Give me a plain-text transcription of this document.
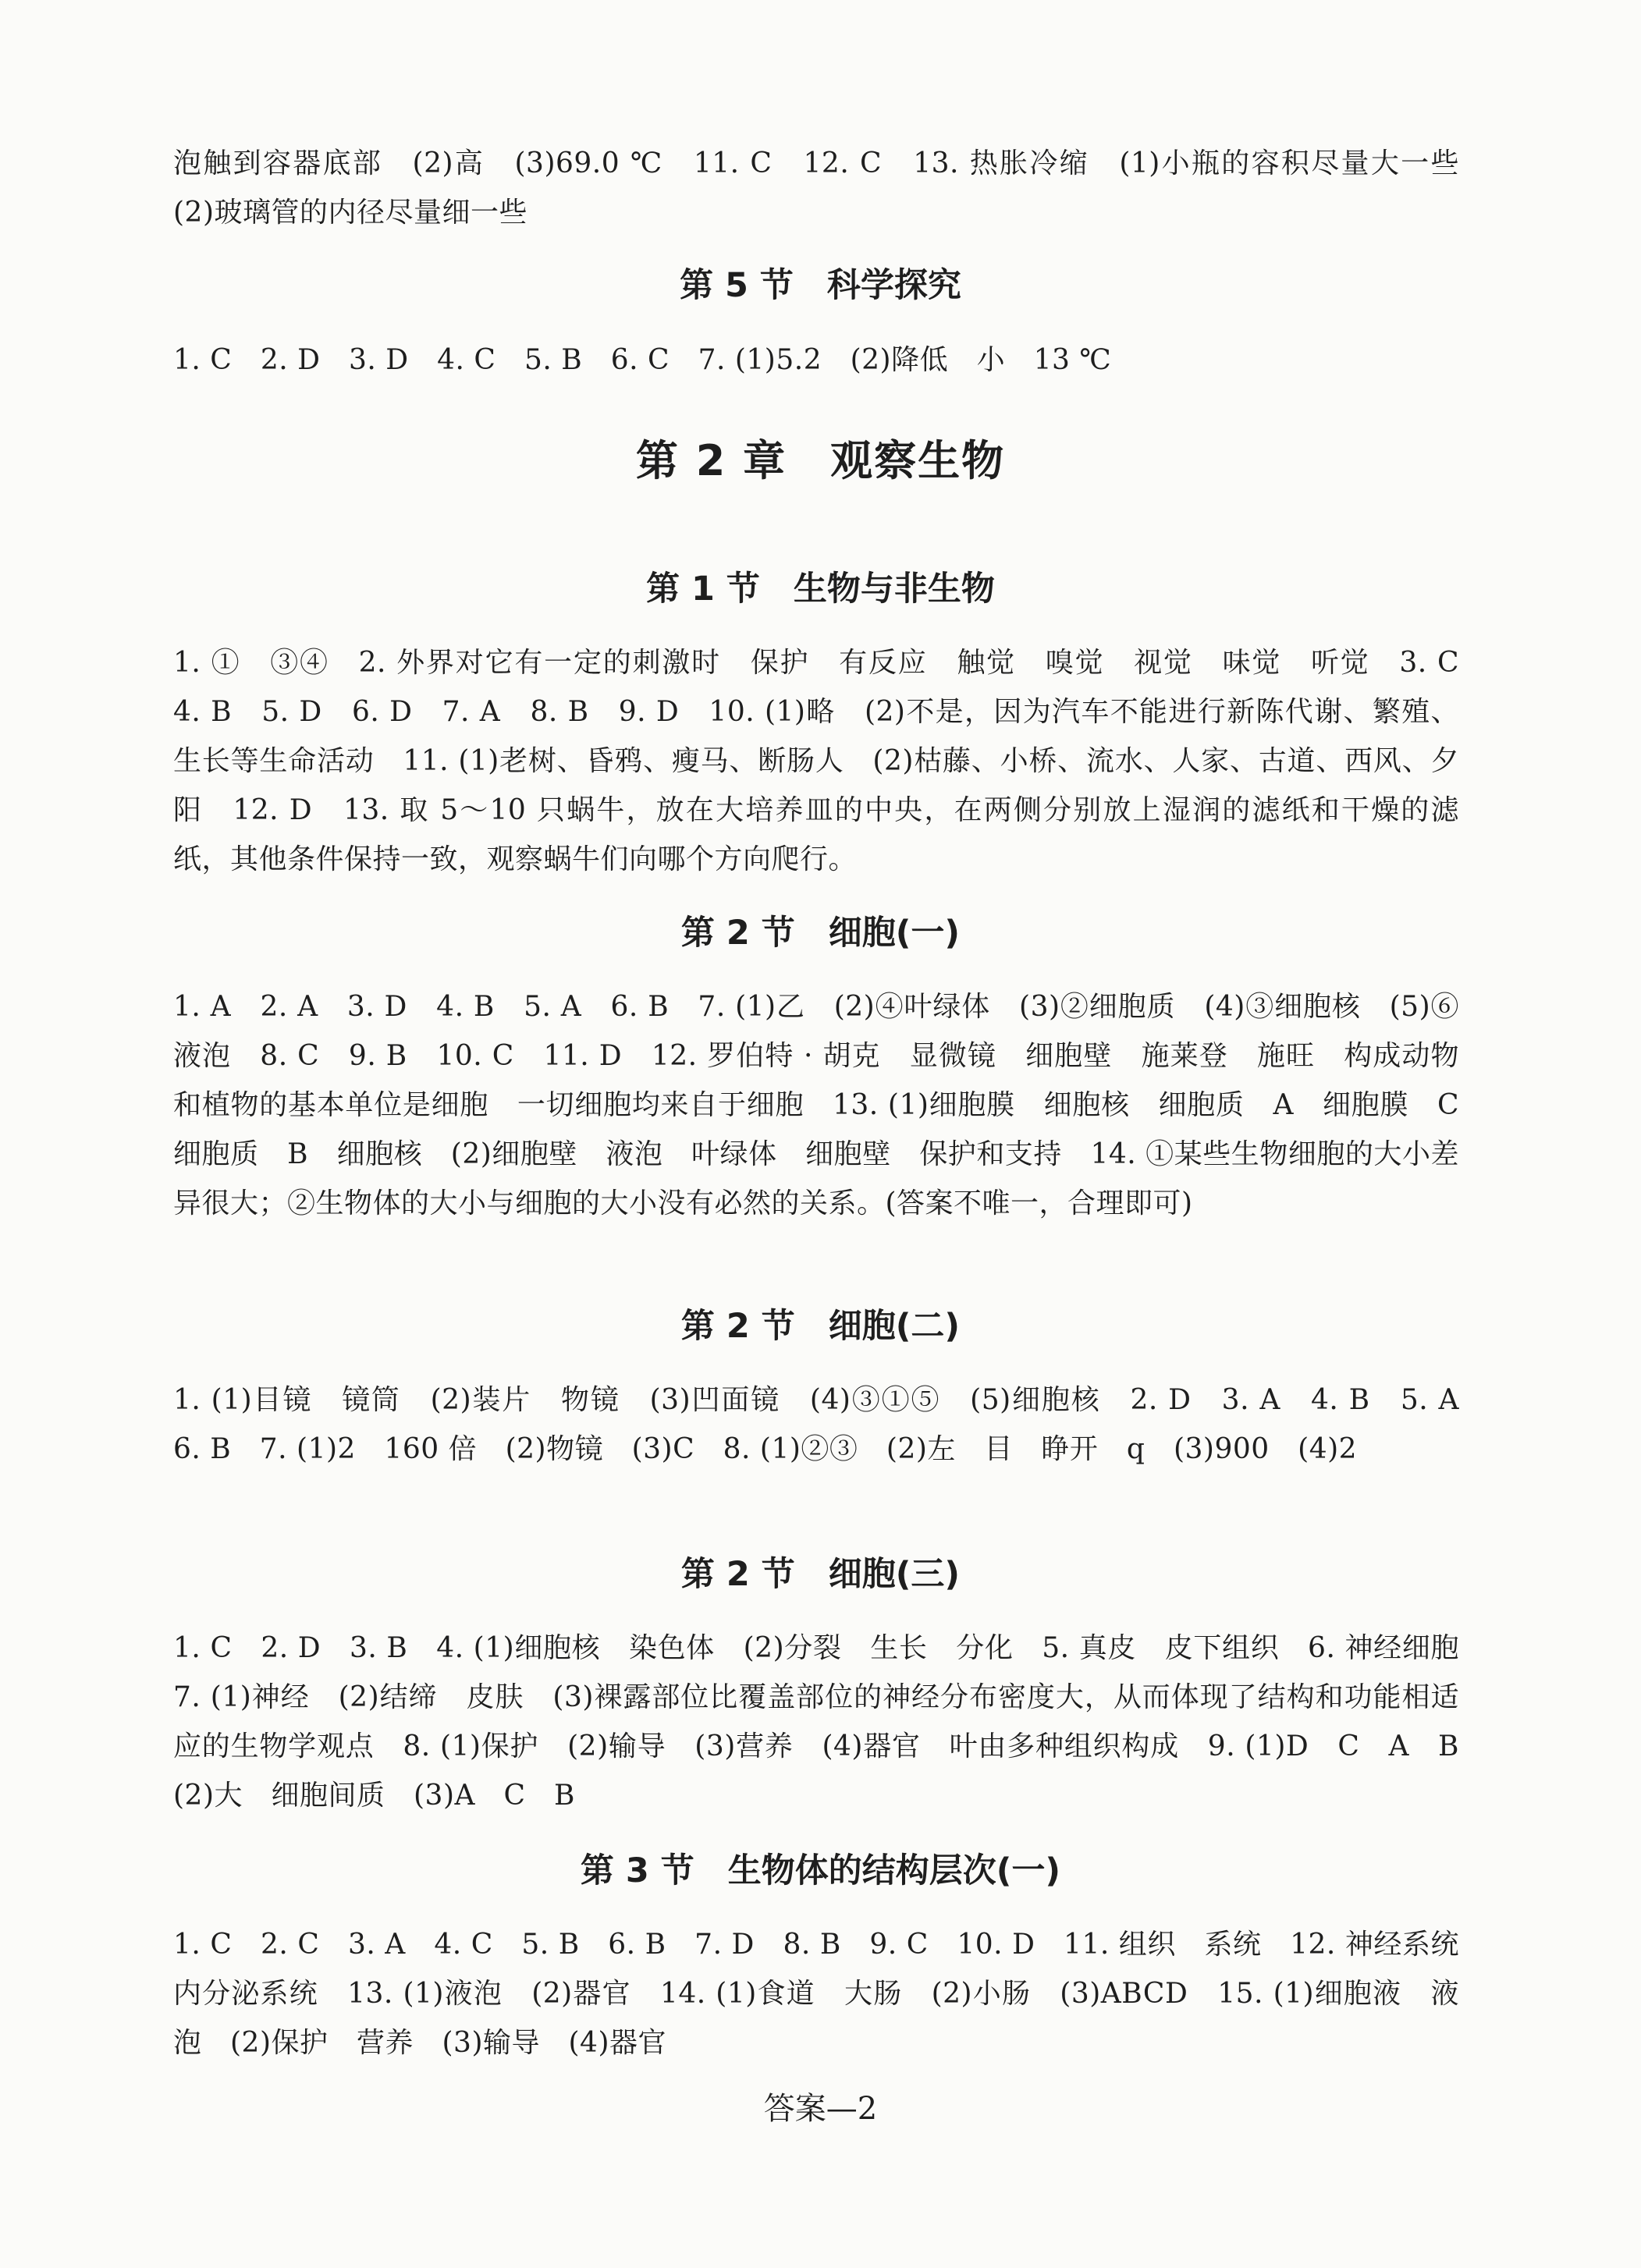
泡触到容器底部　(2)高　(3)69.0 ℃　11. C　12. C　13. 热胀冷缩　(1)小瓶的容积尽量大一些　(2)玻璃管的内径尽量细一些

第 5 节　科学探究

1. C　2. D　3. D　4. C　5. B　6. C　7. (1)5.2　(2)降低　小　13 ℃

第 2 章　观察生物
第 1 节　生物与非生物

1. ①　③④　2. 外界对它有一定的刺激时　保护　有反应　触觉　嗅觉　视觉　味觉　听觉　3. C　4. B　5. D　6. D　7. A　8. B　9. D　10. (1)略　(2)不是，因为汽车不能进行新陈代谢、繁殖、生长等生命活动　11. (1)老树、昏鸦、瘦马、断肠人　(2)枯藤、小桥、流水、人家、古道、西风、夕阳　12. D　13. 取 5～10 只蜗牛，放在大培养皿的中央，在两侧分别放上湿润的滤纸和干燥的滤纸，其他条件保持一致，观察蜗牛们向哪个方向爬行。

第 2 节　细胞(一)

1. A　2. A　3. D　4. B　5. A　6. B　7. (1)乙　(2)④叶绿体　(3)②细胞质　(4)③细胞核　(5)⑥液泡　8. C　9. B　10. C　11. D　12. 罗伯特 · 胡克　显微镜　细胞壁　施莱登　施旺　构成动物和植物的基本单位是细胞　一切细胞均来自于细胞　13. (1)细胞膜　细胞核　细胞质　A　细胞膜　C　细胞质　B　细胞核　(2)细胞壁　液泡　叶绿体　细胞壁　保护和支持　14. ①某些生物细胞的大小差异很大；②生物体的大小与细胞的大小没有必然的关系。(答案不唯一，合理即可)

第 2 节　细胞(二)

1. (1)目镜　镜筒　(2)装片　物镜　(3)凹面镜　(4)③①⑤　(5)细胞核　2. D　3. A　4. B　5. A　6. B　7. (1)2　160 倍　(2)物镜　(3)C　8. (1)②③　(2)左　目　睁开　q　(3)900　(4)2

第 2 节　细胞(三)

1. C　2. D　3. B　4. (1)细胞核　染色体　(2)分裂　生长　分化　5. 真皮　皮下组织　6. 神经细胞　7. (1)神经　(2)结缔　皮肤　(3)裸露部位比覆盖部位的神经分布密度大，从而体现了结构和功能相适应的生物学观点　8. (1)保护　(2)输导　(3)营养　(4)器官　叶由多种组织构成　9. (1)D　C　A　B　(2)大　细胞间质　(3)A　C　B

第 3 节　生物体的结构层次(一)

1. C　2. C　3. A　4. C　5. B　6. B　7. D　8. B　9. C　10. D　11. 组织　系统　12. 神经系统　内分泌系统　13. (1)液泡　(2)器官　14. (1)食道　大肠　(2)小肠　(3)ABCD　15. (1)细胞液　液泡　(2)保护　营养　(3)输导　(4)器官

答案—2
